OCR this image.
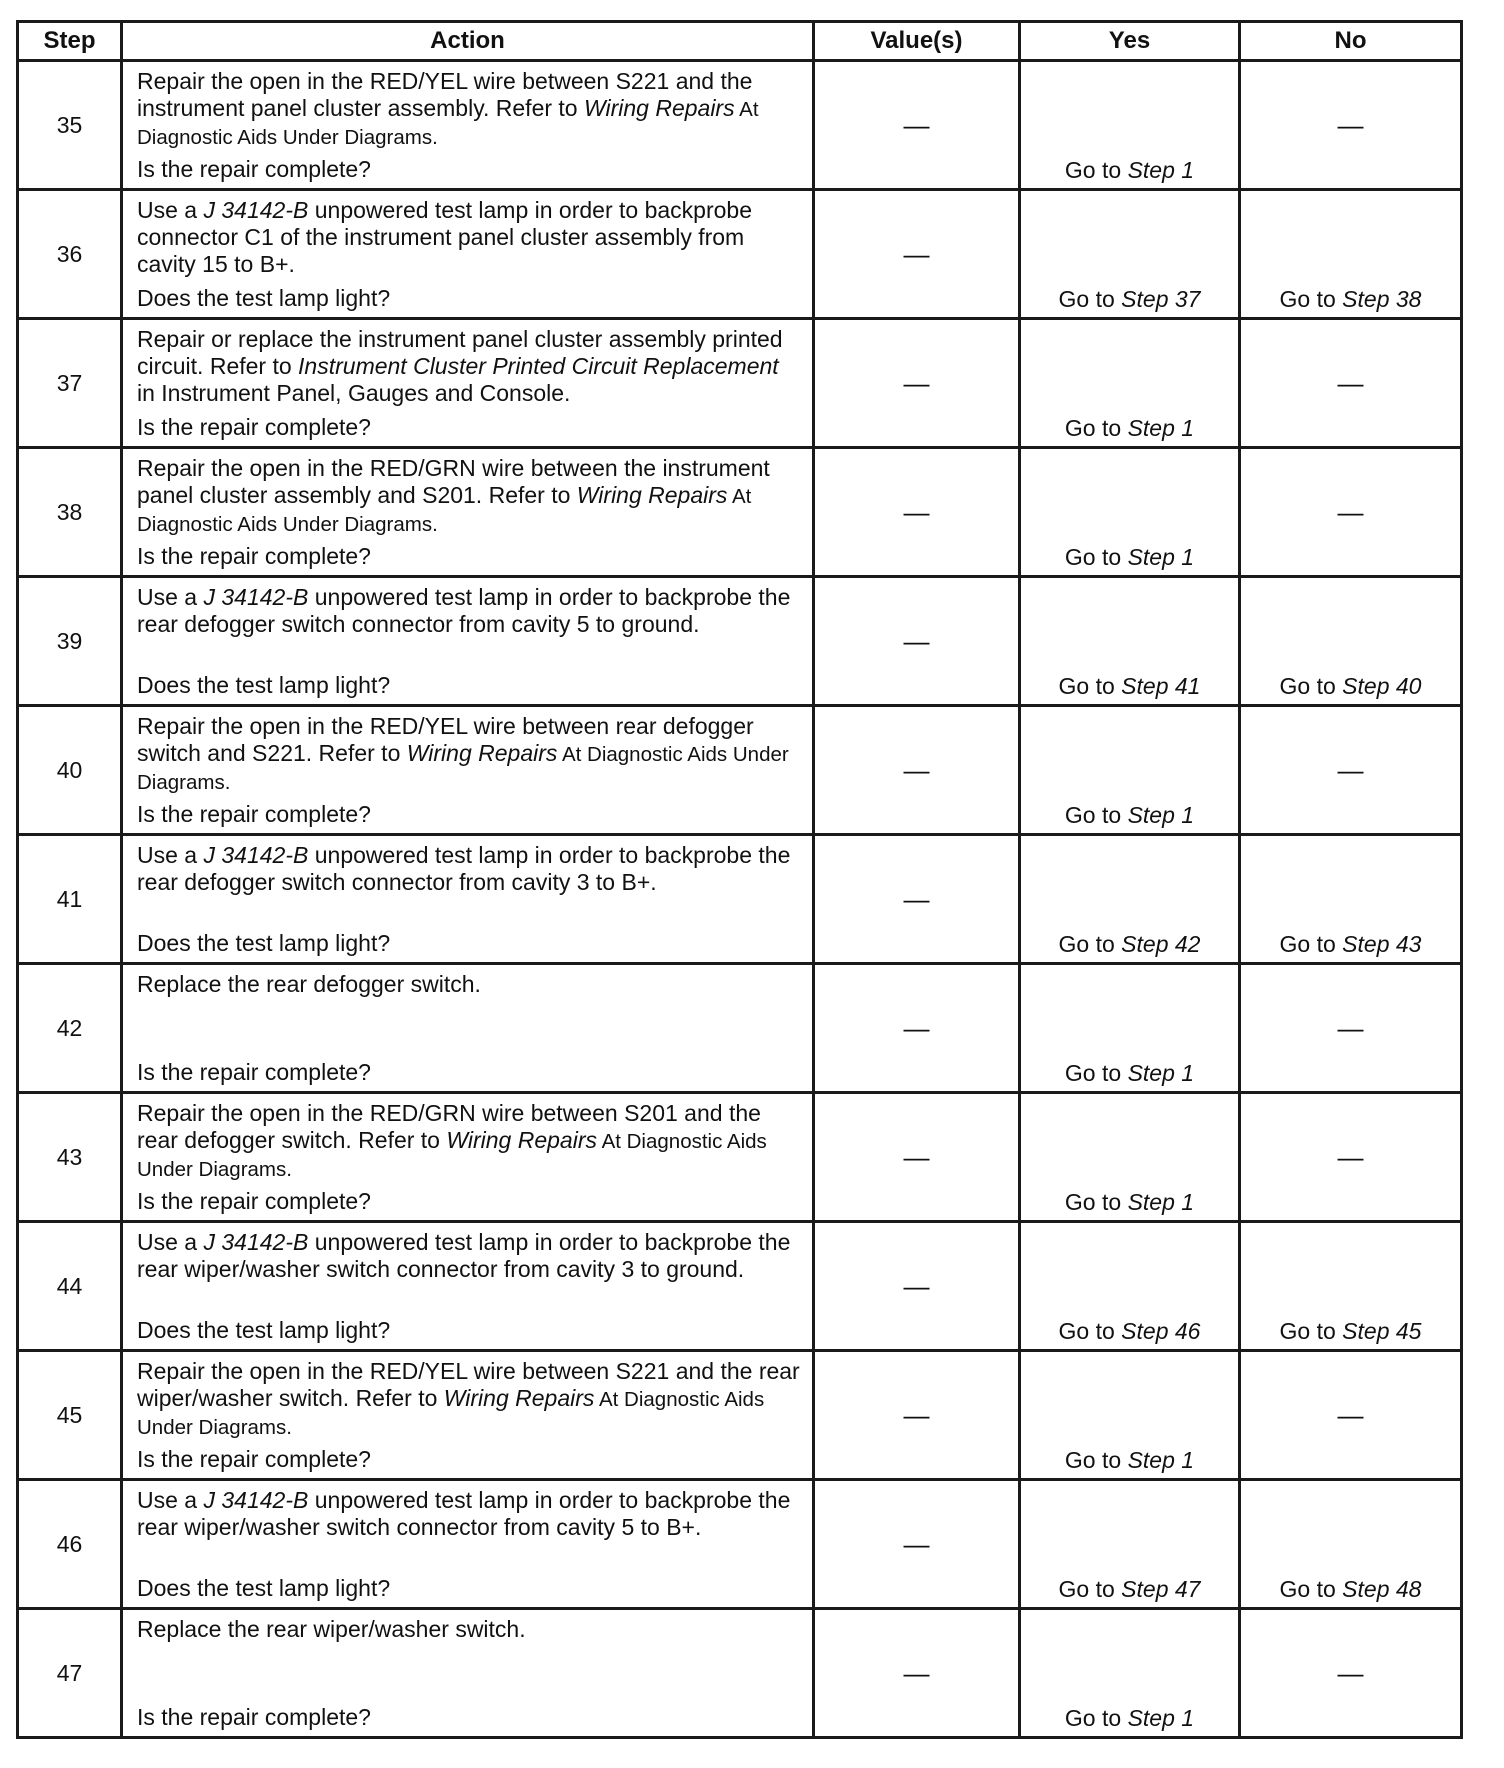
Step	Action	Value(s)	Yes	No
35	Repair the open in the RED/YEL wire between S221 and the instrument panel cluster assembly. Refer to Wiring Repairs At Diagnostic Aids Under Diagrams.
Is the repair complete?	—	Go to Step 1	—
36	Use a J 34142-B unpowered test lamp in order to backprobe connector C1 of the instrument panel cluster assembly from cavity 15 to B+.
Does the test lamp light?	—	Go to Step 37	Go to Step 38
37	Repair or replace the instrument panel cluster assembly printed circuit. Refer to Instrument Cluster Printed Circuit Replacement in Instrument Panel, Gauges and Console.
Is the repair complete?	—	Go to Step 1	—
38	Repair the open in the RED/GRN wire between the instrument panel cluster assembly and S201. Refer to Wiring Repairs At Diagnostic Aids Under Diagrams.
Is the repair complete?	—	Go to Step 1	—
39	Use a J 34142-B unpowered test lamp in order to backprobe the rear defogger switch connector from cavity 5 to ground.
Does the test lamp light?	—	Go to Step 41	Go to Step 40
40	Repair the open in the RED/YEL wire between rear defogger switch and S221. Refer to Wiring Repairs At Diagnostic Aids Under Diagrams.
Is the repair complete?	—	Go to Step 1	—
41	Use a J 34142-B unpowered test lamp in order to backprobe the rear defogger switch connector from cavity 3 to B+.
Does the test lamp light?	—	Go to Step 42	Go to Step 43
42	Replace the rear defogger switch.
Is the repair complete?	—	Go to Step 1	—
43	Repair the open in the RED/GRN wire between S201 and the rear defogger switch. Refer to Wiring Repairs At Diagnostic Aids Under Diagrams.
Is the repair complete?	—	Go to Step 1	—
44	Use a J 34142-B unpowered test lamp in order to backprobe the rear wiper/washer switch connector from cavity 3 to ground.
Does the test lamp light?	—	Go to Step 46	Go to Step 45
45	Repair the open in the RED/YEL wire between S221 and the rear wiper/washer switch. Refer to Wiring Repairs At Diagnostic Aids Under Diagrams.
Is the repair complete?	—	Go to Step 1	—
46	Use a J 34142-B unpowered test lamp in order to backprobe the rear wiper/washer switch connector from cavity 5 to B+.
Does the test lamp light?	—	Go to Step 47	Go to Step 48
47	Replace the rear wiper/washer switch.
Is the repair complete?	—	Go to Step 1	—
